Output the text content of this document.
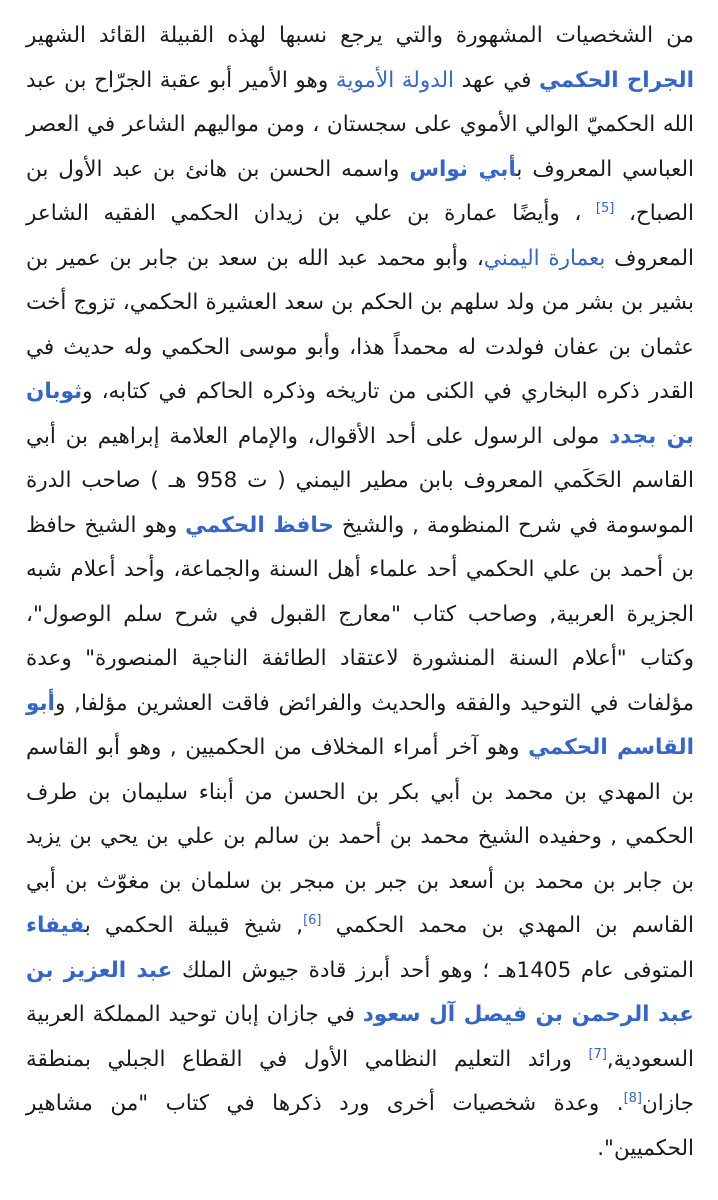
من الشخصيات المشهورة والتي يرجع نسبها لهذه القبيلة القائد الشهير الجراح الحكمي في عهد الدولة الأموية وهو الأمير أبو عقبة الجرّاح بن عبد الله الحكميّ الوالي الأموي على سجستان ، ومن مواليهم الشاعر في العصر العباسي المعروف بأبي نواس واسمه الحسن بن هانئ بن عبد الأول بن الصباح، [5] ، وأيضًا عمارة بن علي بن زيدان الحكمي الفقيه الشاعر المعروف بعمارة اليمني، وأبو محمد عبد الله بن سعد بن جابر بن عمير بن بشير بن بشر من ولد سلهم بن الحكم بن سعد العشيرة الحكمي، تزوج أخت عثمان بن عفان فولدت له محمداً هذا، وأبو موسى الحكمي وله حديث في القدر ذكره البخاري في الكنى من تاريخه وذكره الحاكم في كتابه، وثوبان بن بجدد مولى الرسول على أحد الأقوال، والإمام العلامة إبراهيم بن أبي القاسم الحَكَمي المعروف بابن مطير اليمني ( ت 958 هـ ) صاحب الدرة الموسومة في شرح المنظومة , والشيخ حافظ الحكمي وهو الشيخ حافظ بن أحمد بن علي الحكمي أحد علماء أهل السنة والجماعة، وأحد أعلام شبه الجزيرة العربية, وصاحب كتاب "معارج القبول في شرح سلم الوصول"، وكتاب "أعلام السنة المنشورة لاعتقاد الطائفة الناجية المنصورة" وعدة مؤلفات في التوحيد والفقه والحديث والفرائض فاقت العشرين مؤلفا, وأبو القاسم الحكمي وهو آخر أمراء المخلاف من الحكميين , وهو أبو القاسم بن المهدي بن محمد بن أبي بكر بن الحسن من أبناء سليمان بن طرف الحكمي , وحفيده الشيخ محمد بن أحمد بن سالم بن علي بن يحي بن يزيد بن جابر بن محمد بن أسعد بن جبر بن مبجر بن سلمان بن مغوّث بن أبي القاسم بن المهدي بن محمد الحكمي [6], شيخ قبيلة الحكمي بفيفاء المتوفى عام 1405هـ ؛ وهو أحد أبرز قادة جيوش الملك عبد العزيز بن عبد الرحمن بن فيصل آل سعود في جازان إبان توحيد المملكة العربية السعودية,[7] ورائد التعليم النظامي الأول في القطاع الجبلي بمنطقة جازان[8]. وعدة شخصيات أخرى ورد ذكرها في كتاب "من مشاهير الحكميين".
